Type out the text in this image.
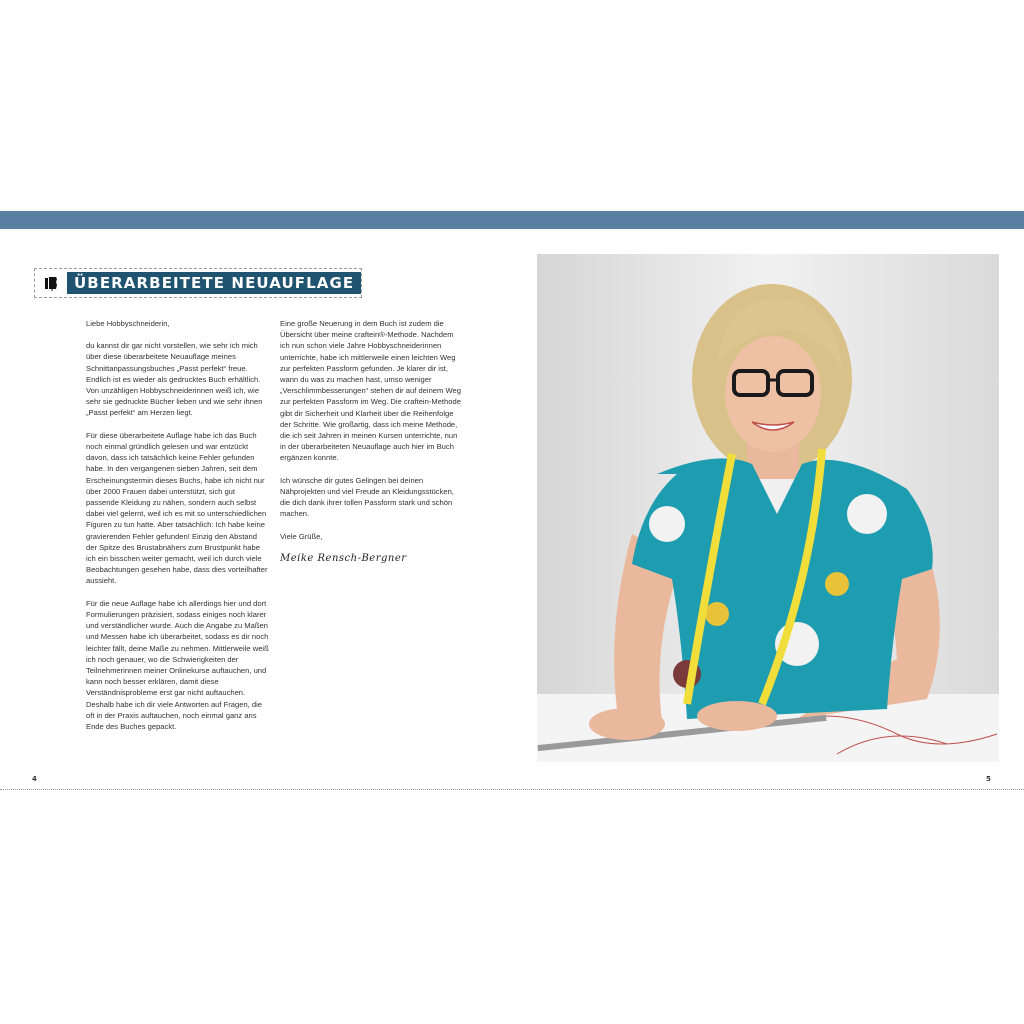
ÜBERARBEITETE NEUAUFLAGE

Liebe Hobbyschneiderin,

du kannst dir gar nicht vorstellen, wie sehr ich mich über diese überarbeitete Neuauflage meines Schnittanpassungsbuches „Passt perfekt“ freue. Endlich ist es wieder als gedrucktes Buch erhältlich. Von unzähligen Hobbyschneiderinnen weiß ich, wie sehr sie gedruckte Bücher lieben und wie sehr ihnen „Passt perfekt“ am Herzen liegt.

Für diese überarbeitete Auflage habe ich das Buch noch einmal gründlich gelesen und war entzückt davon, dass ich tatsächlich keine Fehler gefunden habe. In den vergangenen sieben Jahren, seit dem Erscheinungstermin dieses Buchs, habe ich nicht nur über 2000 Frauen dabei unterstützt, sich gut passende Kleidung zu nähen, sondern auch selbst dabei viel gelernt, weil ich es mit so unterschiedlichen Figuren zu tun hatte. Aber tatsächlich: Ich habe keine gravierenden Fehler gefunden! Einzig den Abstand der Spitze des Brustabnähers zum Brustpunkt habe ich ein bisschen weiter gemacht, weil ich durch viele Beobachtungen gesehen habe, dass dies vorteilhafter aussieht.

Für die neue Auflage habe ich allerdings hier und dort Formulierungen präzisiert, sodass einiges noch klarer und verständlicher wurde. Auch die Angabe zu Maßen und Messen habe ich überarbeitet, sodass es dir noch leichter fällt, deine Maße zu nehmen. Mittlerweile weiß ich noch genauer, wo die Schwierigkeiten der Teilnehmerinnen meiner Onlinekurse auftauchen, und kann noch besser erklären, damit diese Verständnisprobleme erst gar nicht auftauchen. Deshalb habe ich dir viele Antworten auf Fragen, die oft in der Praxis auftauchen, noch einmal ganz ans Ende des Buches gepackt.

Eine große Neuerung in dem Buch ist zudem die Übersicht über meine craftein®-Methode. Nachdem ich nun schon viele Jahre Hobbyschneiderinnen unterrichte, habe ich mittlerweile einen leichten Weg zur perfekten Passform gefunden. Je klarer dir ist, wann du was zu machen hast, umso weniger „Verschlimmbesserungen“ stehen dir auf deinem Weg zur perfekten Passform im Weg. Die craftein-Methode gibt dir Sicherheit und Klarheit über die Reihenfolge der Schritte. Wie großartig, dass ich meine Methode, die ich seit Jahren in meinen Kursen unterrichte, nun in der überarbeiteten Neuauflage auch hier im Buch ergänzen konnte.

Ich wünsche dir gutes Gelingen bei deinen Nähprojekten und viel Freude an Kleidungsstücken, die dich dank ihrer tollen Passform stark und schön machen.

Viele Grüße,

Meike Rensch-Bergner
4	5
